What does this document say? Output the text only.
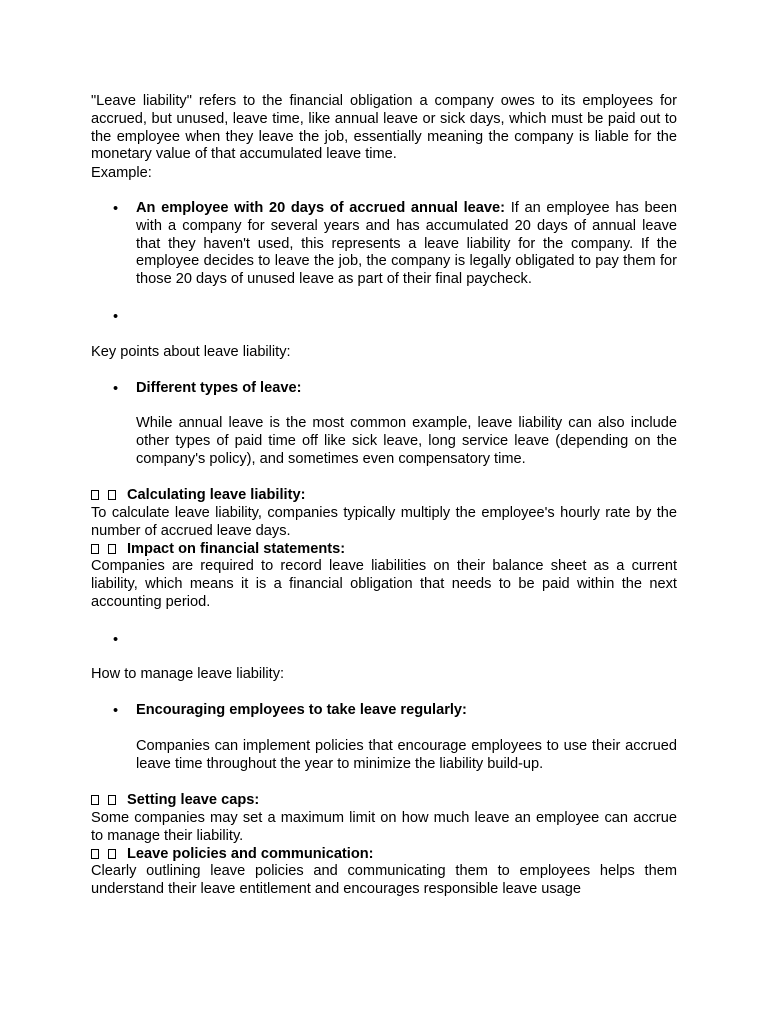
"Leave liability" refers to the financial obligation a company owes to its employees for accrued, but unused, leave time, like annual leave or sick days, which must be paid out to the employee when they leave the job, essentially meaning the company is liable for the monetary value of that accumulated leave time.
Example:
• An employee with 20 days of accrued annual leave: If an employee has been with a company for several years and has accumulated 20 days of annual leave that they haven't used, this represents a leave liability for the company. If the employee decides to leave the job, the company is legally obligated to pay them for those 20 days of unused leave as part of their final paycheck.
•
Key points about leave liability:
• Different types of leave:
While annual leave is the most common example, leave liability can also include other types of paid time off like sick leave, long service leave (depending on the company's policy), and sometimes even compensatory time.
Calculating leave liability:
To calculate leave liability, companies typically multiply the employee's hourly rate by the number of accrued leave days.
Impact on financial statements:
Companies are required to record leave liabilities on their balance sheet as a current liability, which means it is a financial obligation that needs to be paid within the next accounting period.
•
How to manage leave liability:
• Encouraging employees to take leave regularly:
Companies can implement policies that encourage employees to use their accrued leave time throughout the year to minimize the liability build-up.
Setting leave caps:
Some companies may set a maximum limit on how much leave an employee can accrue to manage their liability.
Leave policies and communication:
Clearly outlining leave policies and communicating them to employees helps them understand their leave entitlement and encourages responsible leave usage
